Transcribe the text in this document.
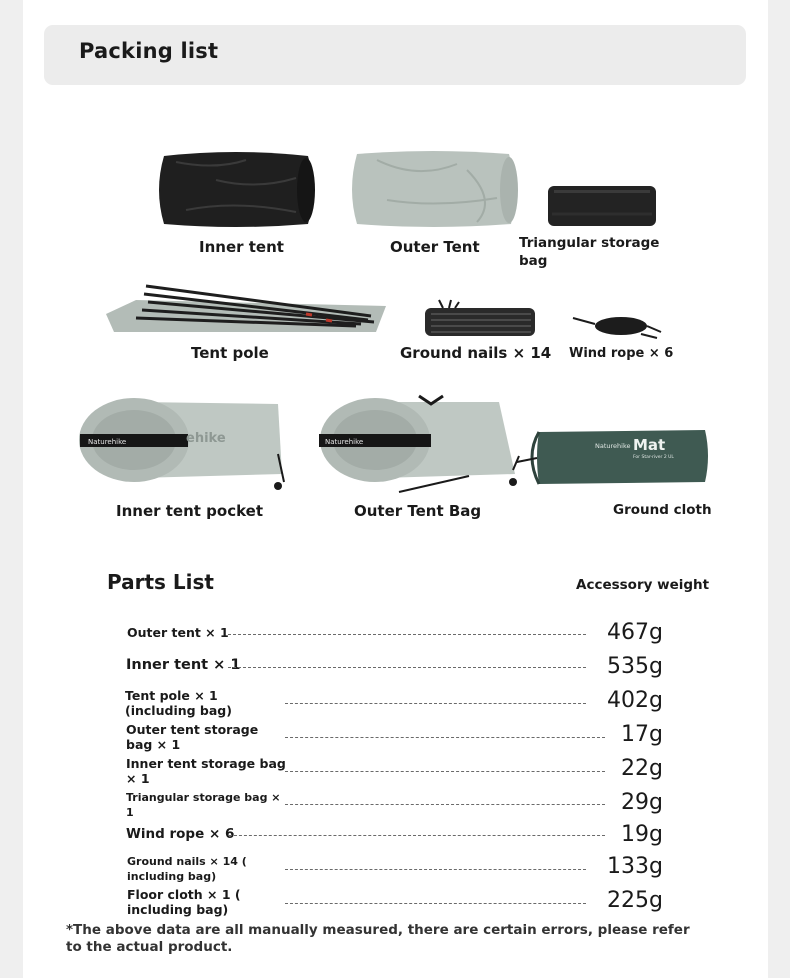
Packing list
Inner tent	Outer Tent	Triangular storage bag
Tent pole	Ground nails × 14 Wind rope × 6
Naturehike	ehike
Inner tent pocket
Naturehike
Outer Tent Bag
Naturehike Mat
For Star-river 2 UL
Ground cloth
Parts List	Accessory weight
Outer tent × 1	467g
Inner tent × 1	535g
Tent pole × 1 (including bag)	402g
Outer tent storage bag × 1	17g
Inner tent storage bag × 1	22g
Triangular storage bag × 1	29g
Wind rope × 6	19g
Ground nails × 14 ( including bag)	133g
Floor cloth × 1 ( including bag)	225g
*The above data are all manually measured, there are certain errors, please refer to the actual product.
